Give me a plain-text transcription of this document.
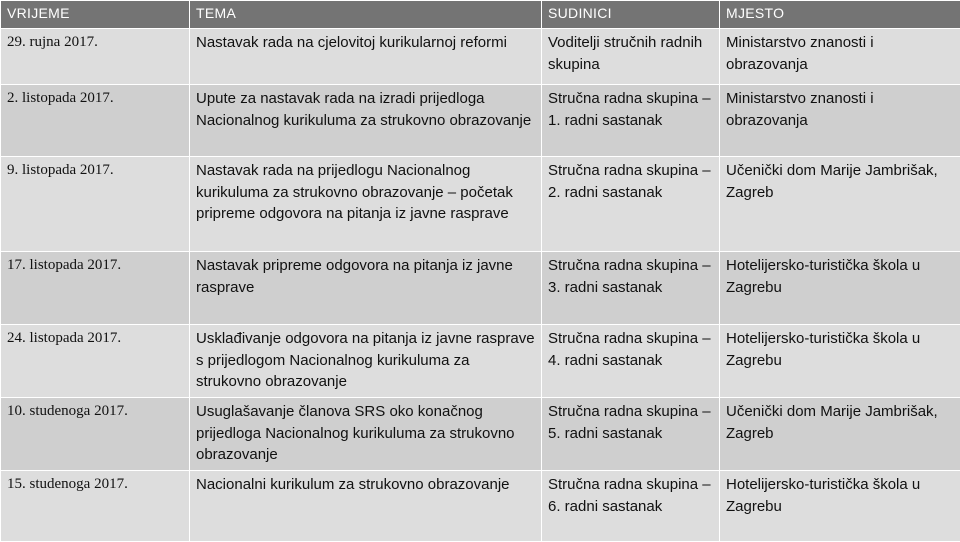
VRIJEME	TEMA	SUDINICI	MJESTO
29. rujna 2017.	Nastavak rada na cjelovitoj kurikularnoj reformi	Voditelji stručnih radnih skupina	Ministarstvo znanosti i obrazovanja
2. listopada 2017.	Upute za nastavak rada na izradi prijedloga Nacionalnog kurikuluma za strukovno obrazovanje	Stručna radna skupina – 1. radni sastanak	Ministarstvo znanosti i obrazovanja
9. listopada 2017.	Nastavak rada na prijedlogu Nacionalnog kurikuluma za strukovno obrazovanje – početak pripreme odgovora na pitanja iz javne rasprave	Stručna radna skupina – 2. radni sastanak	Učenički dom Marije Jambrišak, Zagreb
17. listopada 2017.	Nastavak pripreme odgovora na pitanja iz javne rasprave	Stručna radna skupina – 3. radni sastanak	Hotelijersko-turistička škola u Zagrebu
24. listopada 2017.	Usklađivanje odgovora na pitanja iz javne rasprave s prijedlogom Nacionalnog kurikuluma za strukovno obrazovanje	Stručna radna skupina – 4. radni sastanak	Hotelijersko-turistička škola u Zagrebu
10. studenoga 2017.	Usuglašavanje članova SRS oko konačnog prijedloga Nacionalnog kurikuluma za strukovno obrazovanje	Stručna radna skupina – 5. radni sastanak	Učenički dom Marije Jambrišak, Zagreb
15. studenoga 2017.	Nacionalni kurikulum za strukovno obrazovanje	Stručna radna skupina – 6. radni sastanak	Hotelijersko-turistička škola u Zagrebu
